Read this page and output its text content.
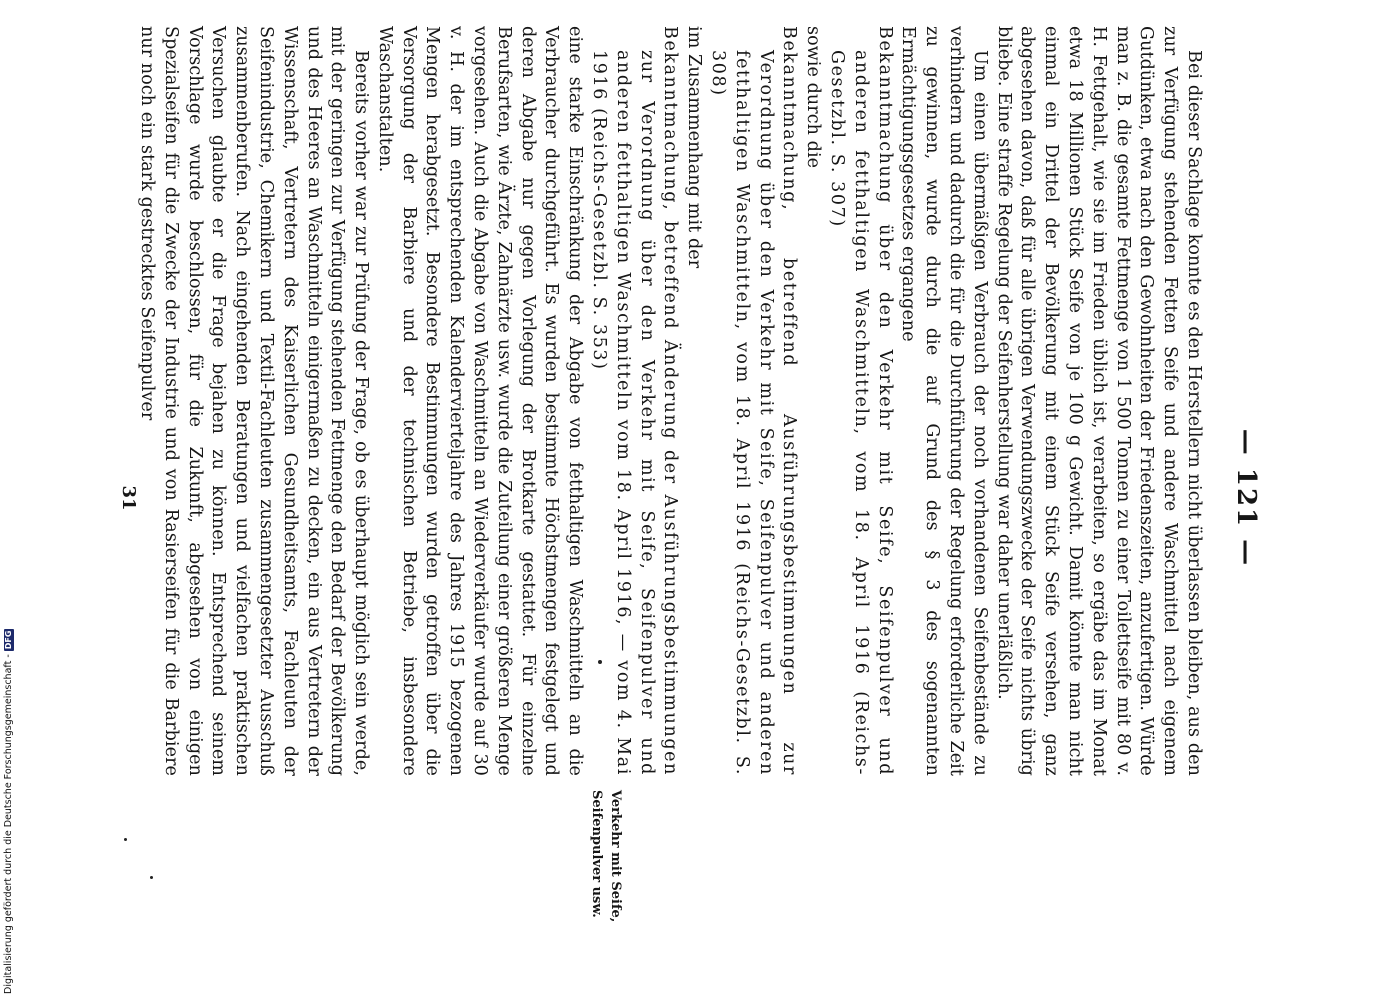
— 121 —

Bei dieser Sachlage konnte es den Herstellern nicht überlassen bleiben, aus den zur Verfügung stehenden Fetten Seife und andere Waschmittel nach eigenem Gutdünken, etwa nach den Gewohnheiten der Friedenszeiten, anzufertigen. Würde man z. B. die gesamte Fettmenge von 1 500 Tonnen zu einer Toilettseife mit 80 v. H. Fettgehalt, wie sie im Frieden üblich ist, verarbeiten, so ergäbe das im Monat etwa 18 Millionen Stück Seife von je 100 g Gewicht. Damit könnte man nicht einmal ein Drittel der Bevölkerung mit einem Stück Seife versehen, ganz abgesehen davon, daß für alle übrigen Verwendungszwecke der Seife nichts übrig bliebe. Eine straffe Regelung der Seifenherstellung war daher unerläßlich.

Um einen übermäßigen Verbrauch der noch vorhandenen Seifenbestände zu verhindern und dadurch die für die Durchführung der Regelung erforderliche Zeit zu gewinnen, wurde durch die auf Grund des § 3 des sogenannten Ermächtigungsgesetzes ergangene

Bekanntmachung über den Verkehr mit Seife, Seifenpulver und anderen fetthaltigen Waschmitteln, vom 18. April 1916 (Reichs-Gesetzbl. S. 307)

sowie durch die

Bekanntmachung, betreffend Ausführungsbestimmungen zur Verordnung über den Verkehr mit Seife, Seifenpulver und anderen fetthaltigen Waschmitteln, vom 18. April 1916 (Reichs-Gesetzbl. S. 308)

im Zusammenhang mit der

Bekanntmachung, betreffend Änderung der Ausführungsbestimmungen zur Verordnung über den Verkehr mit Seife, Seifenpulver und anderen fetthaltigen Waschmitteln vom 18. April 1916, — vom 4. Mai 1916 (Reichs-Gesetzbl. S. 353)

eine starke Einschränkung der Abgabe von fetthaltigen Waschmitteln an die Verbraucher durchgeführt. Es wurden bestimmte Höchstmengen festgelegt und deren Abgabe nur gegen Vorlegung der Brotkarte gestattet. Für einzelne Berufsarten, wie Ärzte, Zahnärzte usw. wurde die Zuteilung einer größeren Menge vorgesehen. Auch die Abgabe von Waschmitteln an Wiederverkäufer wurde auf 30 v. H. der im entsprechenden Kalendervierteljahre des Jahres 1915 bezogenen Mengen herabgesetzt. Besondere Bestimmungen wurden getroffen über die Versorgung der Barbiere und der technischen Betriebe, insbesondere Waschanstalten.

Bereits vorher war zur Prüfung der Frage, ob es überhaupt möglich sein werde, mit der geringen zur Verfügung stehenden Fettmenge den Bedarf der Bevölkerung und des Heeres an Waschmitteln einigermaßen zu decken, ein aus Vertretern der Wissenschaft, Vertretern des Kaiserlichen Gesundheitsamts, Fachleuten der Seifenindustrie, Chemikern und Textil-Fachleuten zusammengesetzter Ausschuß zusammenberufen. Nach eingehenden Beratungen und vielfachen praktischen Versuchen glaubte er die Frage bejahen zu können. Entsprechend seinem Vorschlage wurde beschlossen, für die Zukunft, abgesehen von einigen Spezialseifen für die Zwecke der Industrie und von Rasierseifen für die Barbiere nur noch ein stark gestrecktes Seifenpulver

Verkehr mit Seife, Seifenpulver usw.
31
Digitalisierung gefördert durch die Deutsche Forschungsgemeinschaft -DFG
